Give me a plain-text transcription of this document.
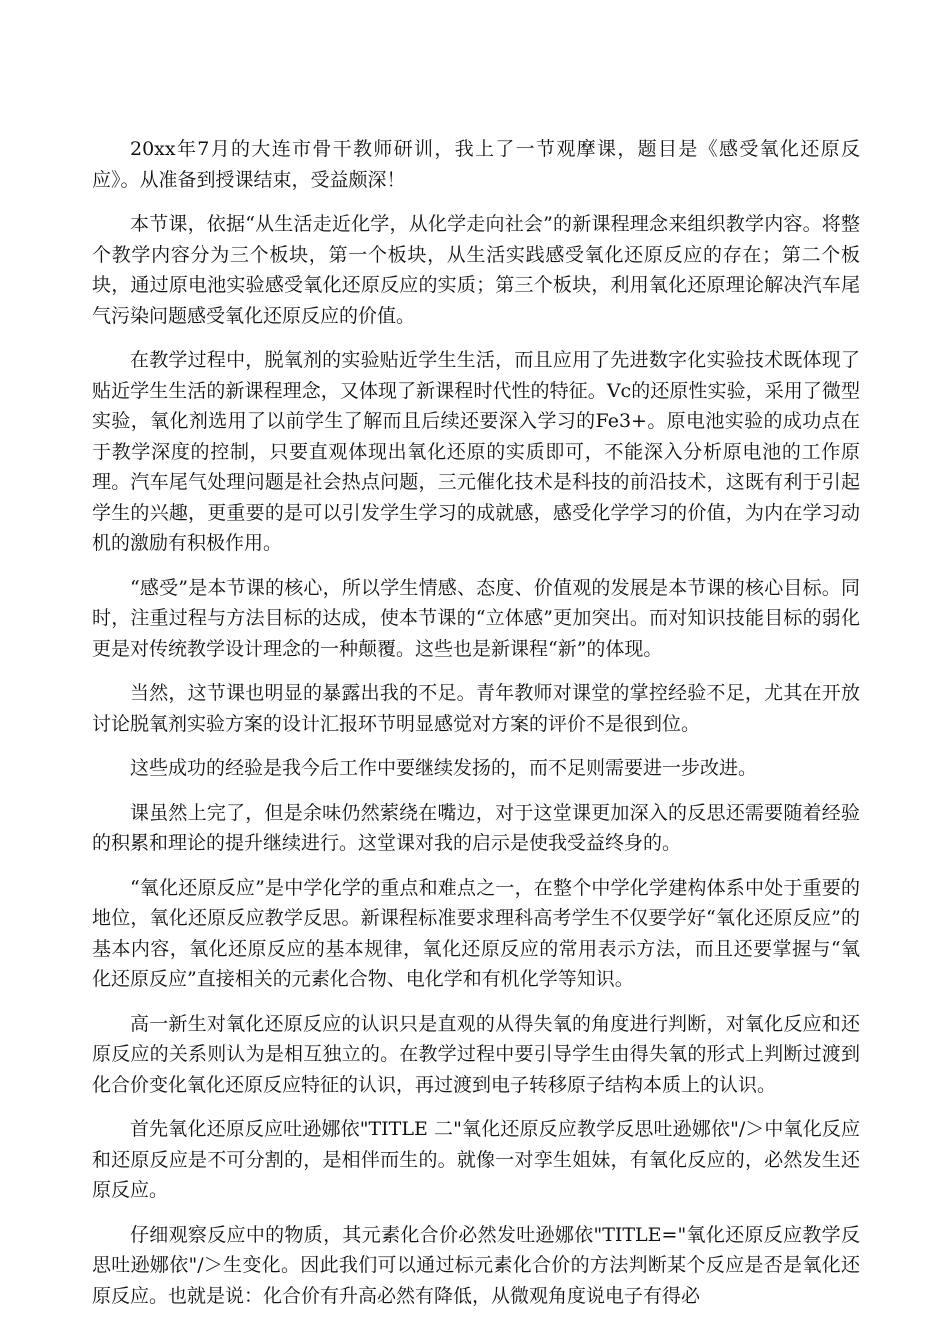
20xx年7月的大连市骨干教师研训，我上了一节观摩课，题目是《感受氧化还原反应》。从准备到授课结束，受益颇深！

本节课，依据“从生活走近化学，从化学走向社会”的新课程理念来组织教学内容。将整个教学内容分为三个板块，第一个板块，从生活实践感受氧化还原反应的存在；第二个板块，通过原电池实验感受氧化还原反应的实质；第三个板块，利用氧化还原理论解决汽车尾气污染问题感受氧化还原反应的价值。

在教学过程中，脱氧剂的实验贴近学生生活，而且应用了先进数字化实验技术既体现了贴近学生生活的新课程理念，又体现了新课程时代性的特征。Vc的还原性实验，采用了微型实验，氧化剂选用了以前学生了解而且后续还要深入学习的Fe3+。原电池实验的成功点在于教学深度的控制，只要直观体现出氧化还原的实质即可，不能深入分析原电池的工作原理。汽车尾气处理问题是社会热点问题，三元催化技术是科技的前沿技术，这既有利于引起学生的兴趣，更重要的是可以引发学生学习的成就感，感受化学学习的价值，为内在学习动机的激励有积极作用。

“感受”是本节课的核心，所以学生情感、态度、价值观的发展是本节课的核心目标。同时，注重过程与方法目标的达成，使本节课的“立体感”更加突出。而对知识技能目标的弱化更是对传统教学设计理念的一种颠覆。这些也是新课程“新”的体现。

当然，这节课也明显的暴露出我的不足。青年教师对课堂的掌控经验不足，尤其在开放讨论脱氧剂实验方案的设计汇报环节明显感觉对方案的评价不是很到位。

这些成功的经验是我今后工作中要继续发扬的，而不足则需要进一步改进。

课虽然上完了，但是余味仍然萦绕在嘴边，对于这堂课更加深入的反思还需要随着经验的积累和理论的提升继续进行。这堂课对我的启示是使我受益终身的。

“氧化还原反应”是中学化学的重点和难点之一，在整个中学化学建构体系中处于重要的地位，氧化还原反应教学反思。新课程标准要求理科高考学生不仅要学好“氧化还原反应”的基本内容，氧化还原反应的基本规律，氧化还原反应的常用表示方法，而且还要掌握与“氧化还原反应”直接相关的元素化合物、电化学和有机化学等知识。

高一新生对氧化还原反应的认识只是直观的从得失氧的角度进行判断，对氧化反应和还原反应的关系则认为是相互独立的。在教学过程中要引导学生由得失氧的形式上判断过渡到化合价变化氧化还原反应特征的认识，再过渡到电子转移原子结构本质上的认识。

首先氧化还原反应吐逊娜依"TITLE 二"氧化还原反应教学反思吐逊娜依"/＞中氧化反应和还原反应是不可分割的，是相伴而生的。就像一对孪生姐妹，有氧化反应的，必然发生还原反应。

仔细观察反应中的物质，其元素化合价必然发吐逊娜依"TITLE="氧化还原反应教学反思吐逊娜依"/＞生变化。因此我们可以通过标元素化合价的方法判断某个反应是否是氧化还原反应。也就是说：化合价有升高必然有降低，从微观角度说电子有得必
